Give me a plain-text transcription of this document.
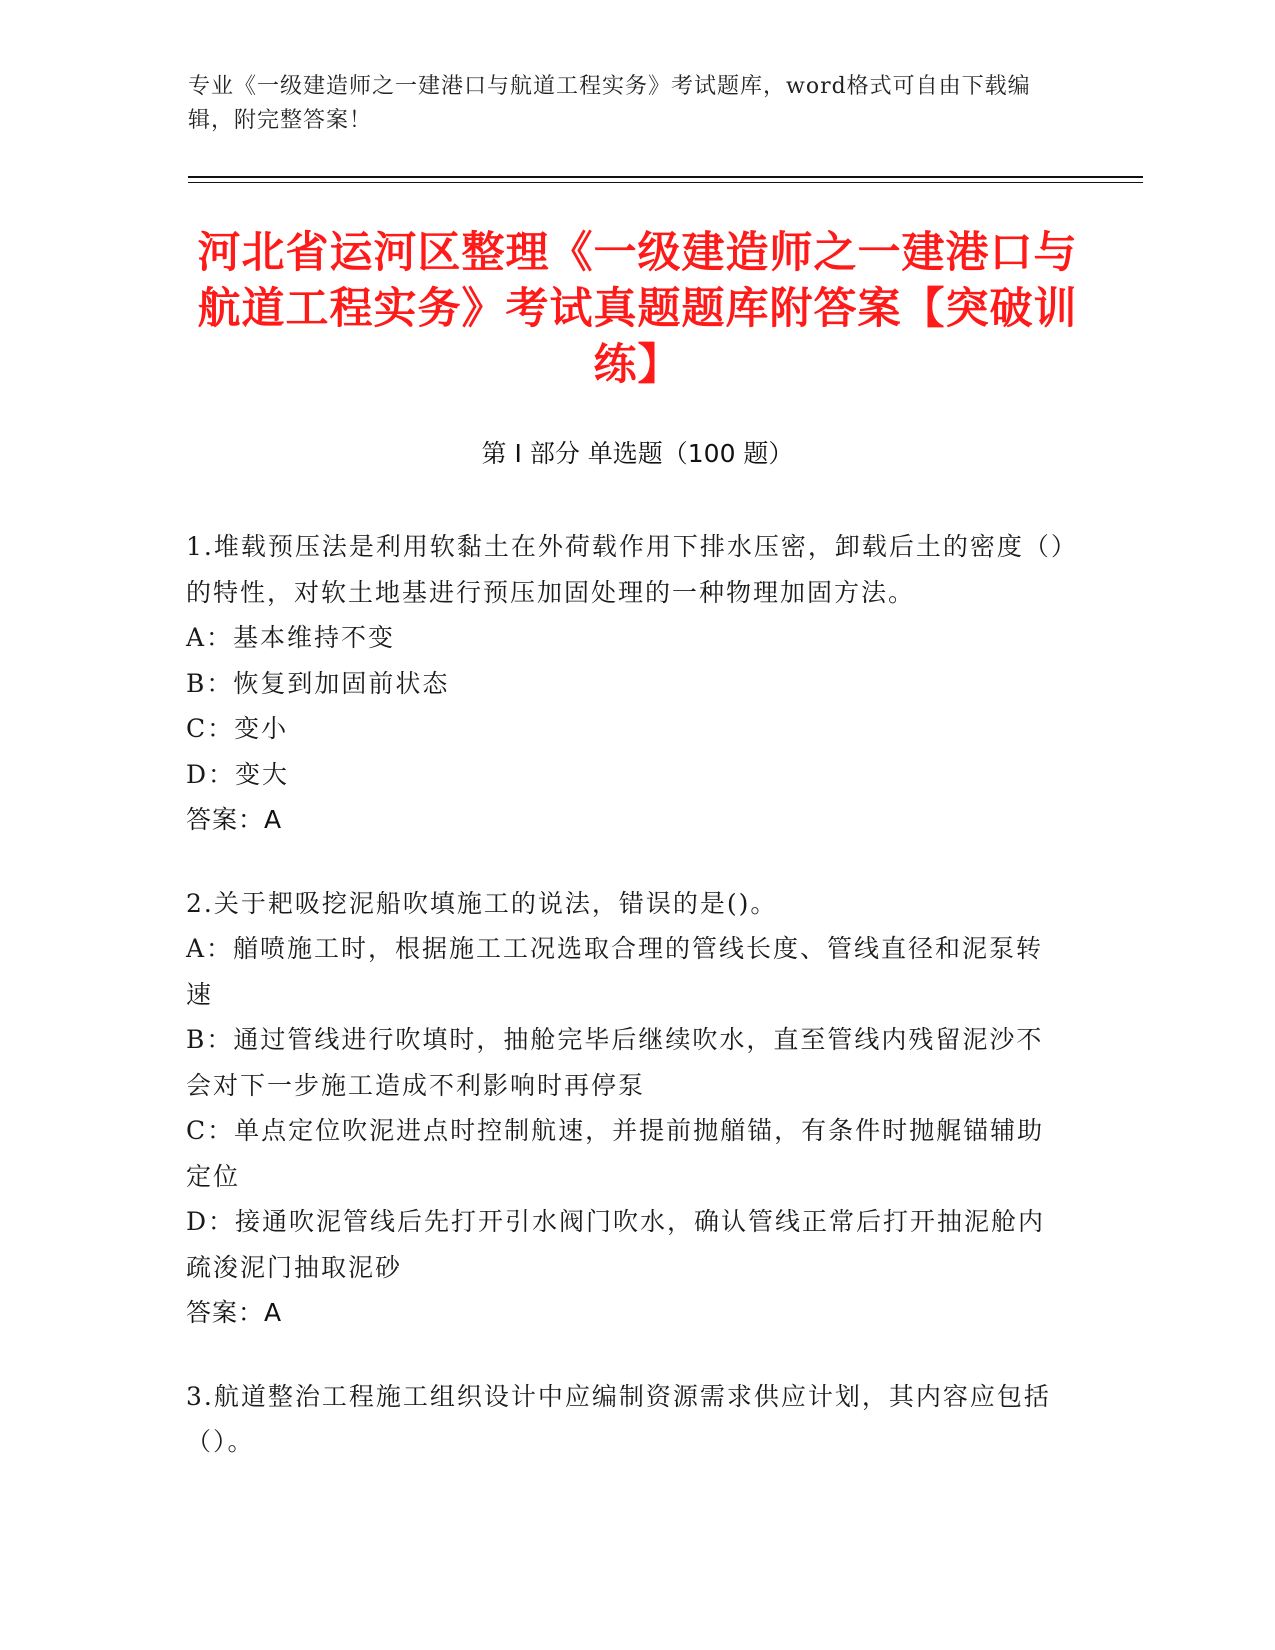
专业《一级建造师之一建港口与航道工程实务》考试题库，word格式可自由下载编辑，附完整答案！
河北省运河区整理《一级建造师之一建港口与航道工程实务》考试真题题库附答案【突破训练】
第 I 部分 单选题（100 题）
1.堆载预压法是利用软黏土在外荷载作用下排水压密，卸载后土的密度（）的特性，对软土地基进行预压加固处理的一种物理加固方法。
A：基本维持不变
B：恢复到加固前状态
C：变小
D：变大
答案：A
2.关于耙吸挖泥船吹填施工的说法，错误的是()。
A：艏喷施工时，根据施工工况选取合理的管线长度、管线直径和泥泵转速
B：通过管线进行吹填时，抽舱完毕后继续吹水，直至管线内残留泥沙不会对下一步施工造成不利影响时再停泵
C：单点定位吹泥进点时控制航速，并提前抛艏锚，有条件时抛艉锚辅助定位
D：接通吹泥管线后先打开引水阀门吹水，确认管线正常后打开抽泥舱内疏浚泥门抽取泥砂
答案：A
3.航道整治工程施工组织设计中应编制资源需求供应计划，其内容应包括（）。
